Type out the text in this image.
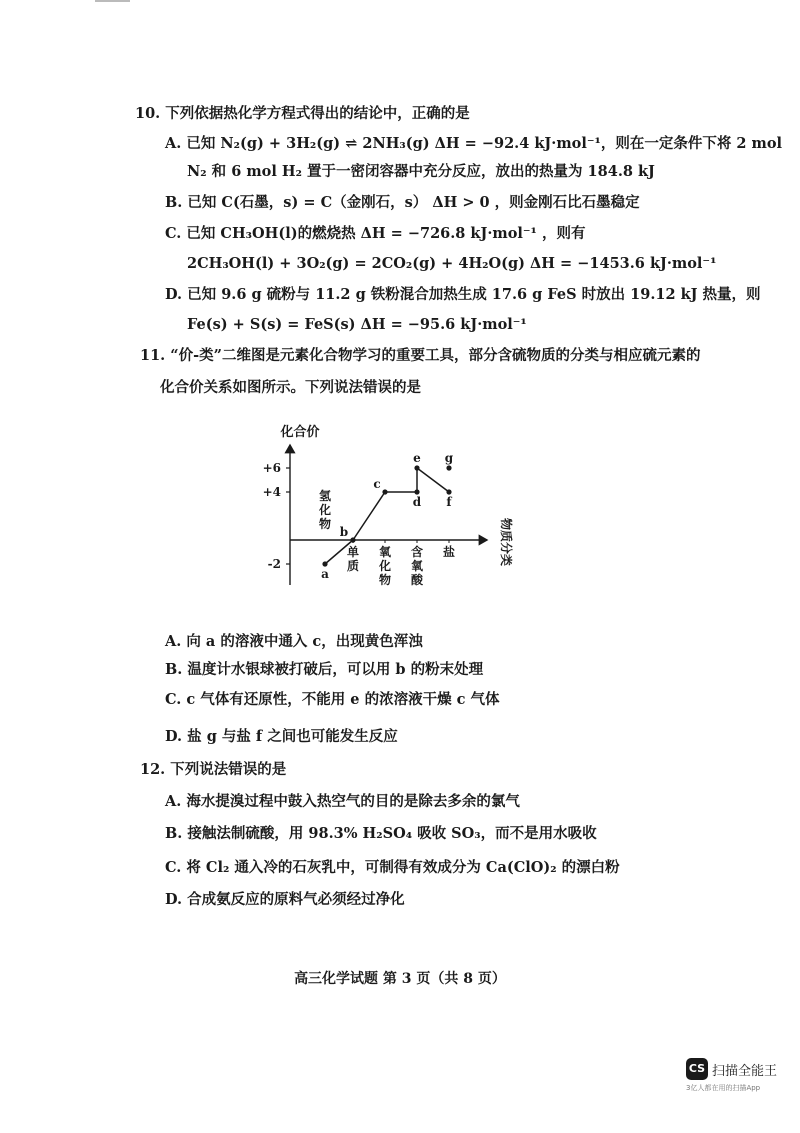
10. 下列依据热化学方程式得出的结论中，正确的是
A. 已知 N₂(g) + 3H₂(g) ⇌ 2NH₃(g) ΔH = −92.4 kJ·mol⁻¹，则在一定条件下将 2 mol
N₂ 和 6 mol H₂ 置于一密闭容器中充分反应，放出的热量为 184.8 kJ
B. 已知 C(石墨，s) = C（金刚石，s） ΔH > 0 ，则金刚石比石墨稳定
C. 已知 CH₃OH(l)的燃烧热 ΔH = −726.8 kJ·mol⁻¹ ，则有
2CH₃OH(l) + 3O₂(g) = 2CO₂(g) + 4H₂O(g) ΔH = −1453.6 kJ·mol⁻¹
D. 已知 9.6 g 硫粉与 11.2 g 铁粉混合加热生成 17.6 g FeS 时放出 19.12 kJ 热量，则
Fe(s) + S(s) = FeS(s) ΔH = −95.6 kJ·mol⁻¹
11. “价-类”二维图是元素化合物学习的重要工具，部分含硫物质的分类与相应硫元素的
化合价关系如图所示。下列说法错误的是
+6
+4
-2
氢化物
单质
氧化物
含氧酸
盐
a
b
c
d
e
f
g
化合价
物质分类
A. 向 a 的溶液中通入 c，出现黄色浑浊
B. 温度计水银球被打破后，可以用 b 的粉末处理
C. c 气体有还原性，不能用 e 的浓溶液干燥 c 气体
D. 盐 g 与盐 f 之间也可能发生反应
12. 下列说法错误的是
A. 海水提溴过程中鼓入热空气的目的是除去多余的氯气
B. 接触法制硫酸，用 98.3% H₂SO₄ 吸收 SO₃，而不是用水吸收
C. 将 Cl₂ 通入冷的石灰乳中，可制得有效成分为 Ca(ClO)₂ 的漂白粉
D. 合成氨反应的原料气必须经过净化
高三化学试题 第 3 页（共 8 页）
CS 扫描全能王
3亿人都在用的扫描App
